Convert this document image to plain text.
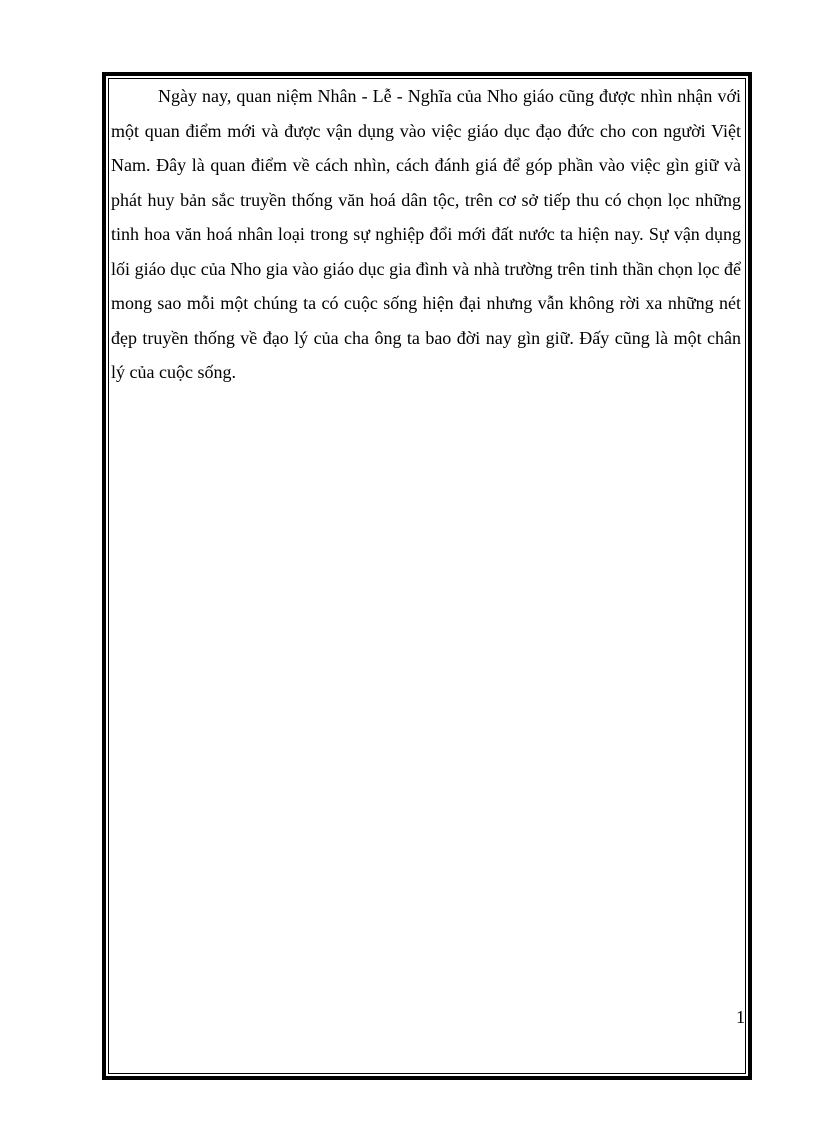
Ngày nay, quan niệm Nhân - Lễ - Nghĩa của Nho giáo cũng được nhìn nhận với một quan điểm mới và được vận dụng vào việc giáo dục đạo đức cho con người Việt Nam. Đây là quan điểm về cách nhìn, cách đánh giá để góp phần vào việc gìn giữ và phát huy bản sắc truyền thống văn hoá dân tộc, trên cơ sở tiếp thu có chọn lọc những tinh hoa văn hoá nhân loại trong sự nghiệp đổi mới đất nước ta hiện nay. Sự vận dụng lối giáo dục của Nho gia vào giáo dục gia đình và nhà trường trên tinh thần chọn lọc để mong sao mỗi một chúng ta có cuộc sống hiện đại nhưng vẫn không rời xa những nét đẹp truyền thống về đạo lý của cha ông ta bao đời nay gìn giữ. Đấy cũng là một chân lý của cuộc sống.

1
